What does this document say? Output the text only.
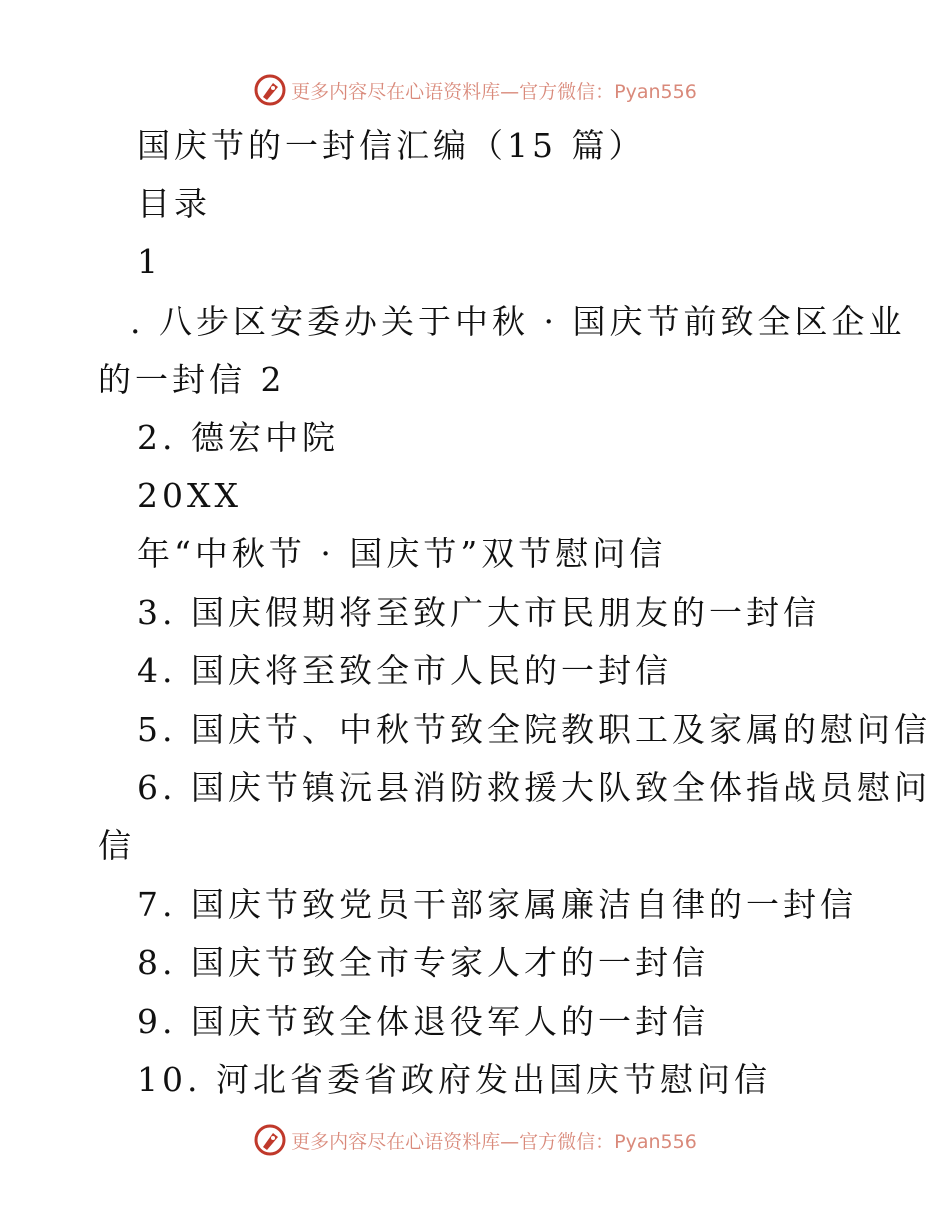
更多内容尽在心语资料库—官方微信：Pyan556
国庆节的一封信汇编（15 篇）
目录
1
. 八步区安委办关于中秋 · 国庆节前致全区企业
的一封信 2
2. 德宏中院
20XX
年“中秋节 · 国庆节”双节慰问信
3. 国庆假期将至致广大市民朋友的一封信
4. 国庆将至致全市人民的一封信
5. 国庆节、中秋节致全院教职工及家属的慰问信
6. 国庆节镇沅县消防救援大队致全体指战员慰问
信
7. 国庆节致党员干部家属廉洁自律的一封信
8. 国庆节致全市专家人才的一封信
9. 国庆节致全体退役军人的一封信
10. 河北省委省政府发出国庆节慰问信
更多内容尽在心语资料库—官方微信：Pyan556
